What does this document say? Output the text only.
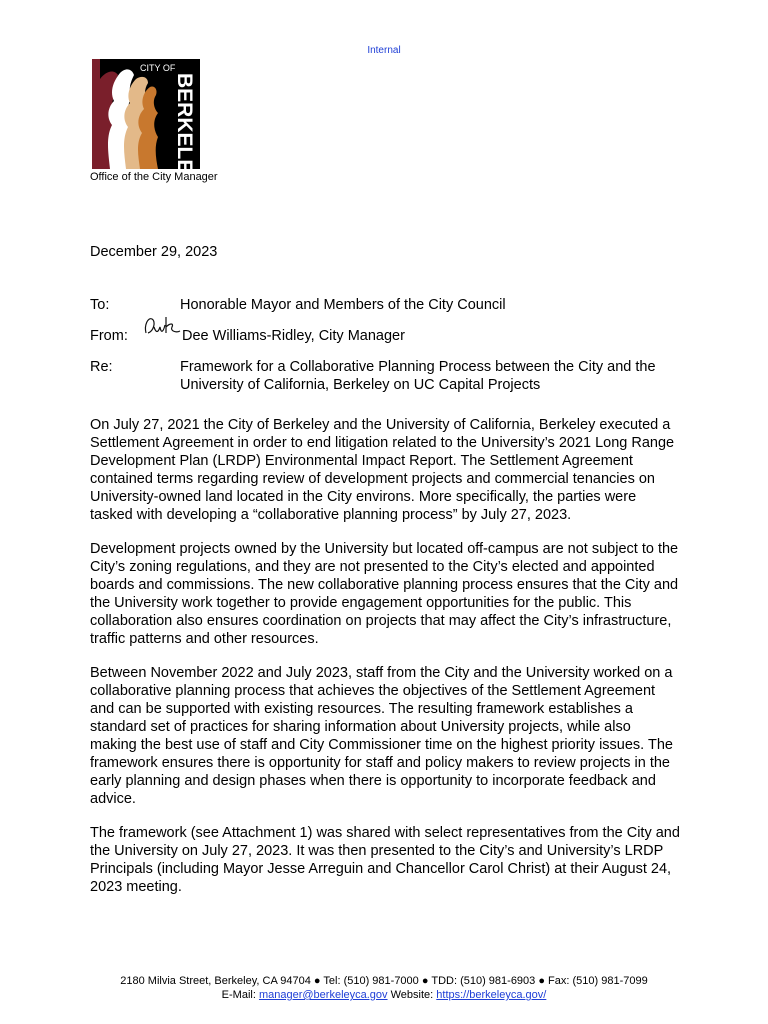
Internal
CITY OF
BERKELEY
Office of the City Manager
December 29, 2023
To:	Honorable Mayor and Members of the City Council
From:	Dee Williams-Ridley, City Manager
Re:	Framework for a Collaborative Planning Process between the City and the University of California, Berkeley on UC Capital Projects

On July 27, 2021 the City of Berkeley and the University of California, Berkeley executed a Settlement Agreement in order to end litigation related to the University’s 2021 Long Range Development Plan (LRDP) Environmental Impact Report. The Settlement Agreement contained terms regarding review of development projects and commercial tenancies on University-owned land located in the City environs. More specifically, the parties were tasked with developing a “collaborative planning process” by July 27, 2023.

Development projects owned by the University but located off-campus are not subject to the City’s zoning regulations, and they are not presented to the City’s elected and appointed boards and commissions. The new collaborative planning process ensures that the City and the University work together to provide engagement opportunities for the public. This collaboration also ensures coordination on projects that may affect the City’s infrastructure, traffic patterns and other resources.

Between November 2022 and July 2023, staff from the City and the University worked on a collaborative planning process that achieves the objectives of the Settlement Agreement and can be supported with existing resources. The resulting framework establishes a standard set of practices for sharing information about University projects, while also making the best use of staff and City Commissioner time on the highest priority issues. The framework ensures there is opportunity for staff and policy makers to review projects in the early planning and design phases when there is opportunity to incorporate feedback and advice.

The framework (see Attachment 1) was shared with select representatives from the City and the University on July 27, 2023. It was then presented to the City’s and University’s LRDP Principals (including Mayor Jesse Arreguin and Chancellor Carol Christ) at their August 24, 2023 meeting.

2180 Milvia Street, Berkeley, CA 94704 ● Tel: (510) 981-7000 ● TDD: (510) 981-6903 ● Fax: (510) 981-7099
E-Mail: manager@berkeleyca.gov Website: https://berkeleyca.gov/
